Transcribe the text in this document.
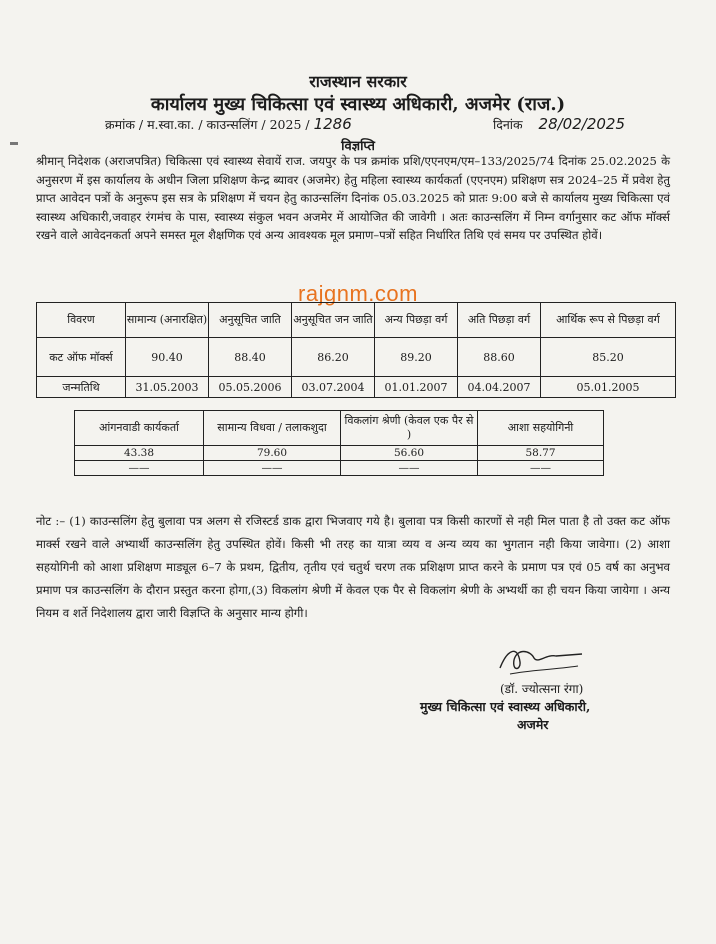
राजस्थान सरकार
कार्यालय मुख्य चिकित्सा एवं स्वास्थ्य अधिकारी, अजमेर (राज.)
क्रमांक / म.स्वा.का. / काउन्सलिंग / 2025 / 1286	दिनांक 28/02/2025
विज्ञप्ति
श्रीमान् निदेशक (अराजपत्रित) चिकित्सा एवं स्वास्थ्य सेवायें राज. जयपुर के पत्र क्रमांक प्रशि/एएनएम/एम–133/2025/74 दिनांक 25.02.2025 के अनुसरण में इस कार्यालय के अधीन जिला प्रशिक्षण केन्द्र ब्यावर (अजमेर) हेतु महिला स्वास्थ्य कार्यकर्ता (एएनएम) प्रशिक्षण सत्र 2024–25 में प्रवेश हेतु प्राप्त आवेदन पत्रों के अनुरूप इस सत्र के प्रशिक्षण में चयन हेतु काउन्सलिंग दिनांक 05.03.2025 को प्रातः 9:00 बजे से कार्यालय मुख्य चिकित्सा एवं स्वास्थ्य अधिकारी,जवाहर रंगमंच के पास, स्वास्थ्य संकुल भवन अजमेर में आयोजित की जावेगी । अतः काउन्सलिंग में निम्न वर्गानुसार कट ऑफ मॉर्क्स रखने वाले आवेदनकर्ता अपने समस्त मूल शैक्षणिक एवं अन्य आवश्यक मूल प्रमाण–पत्रों सहित निर्धारित तिथि एवं समय पर उपस्थित होवें।
rajgnm.com
विवरण	सामान्य (अनारक्षित)	अनुसूचित जाति	अनुसूचित जन जाति	अन्य पिछड़ा वर्ग	अति पिछड़ा वर्ग	आर्थिक रूप से पिछड़ा वर्ग
कट ऑफ मॉर्क्स	90.40	88.40	86.20	89.20	88.60	85.20
जन्मतिथि	31.05.2003	05.05.2006	03.07.2004	01.01.2007	04.04.2007	05.01.2005
आंगनवाडी कार्यकर्ता	सामान्य विधवा / तलाकशुदा	विकलांग श्रेणी (केवल एक पैर से )	आशा सहयोगिनी
43.38	79.60	56.60	58.77
——	——	——	——
नोट :– (1) काउन्सलिंग हेतु बुलावा पत्र अलग से रजिस्टर्ड डाक द्वारा भिजवाए गये है। बुलावा पत्र किसी कारणों से नही मिल पाता है तो उक्त कट ऑफ मार्क्स रखने वाले अभ्यार्थी काउन्सलिंग हेतु उपस्थित होवें। किसी भी तरह का यात्रा व्यय व अन्य व्यय का भुगतान नही किया जावेगा। (2) आशा सहयोगिनी को आशा प्रशिक्षण माड्यूल 6–7 के प्रथम, द्वितीय, तृतीय एवं चतुर्थ चरण तक प्रशिक्षण प्राप्त करने के प्रमाण पत्र एवं 05 वर्ष का अनुभव प्रमाण पत्र काउन्सलिंग के दौरान प्रस्तुत करना होगा,(3) विकलांग श्रेणी में केवल एक पैर से विकलांग श्रेणी के अभ्यर्थी का ही चयन किया जायेगा । अन्य नियम व शर्ते निदेशालय द्वारा जारी विज्ञप्ति के अनुसार मान्य होगी।
(डॉ. ज्योत्सना रंगा)
मुख्य चिकित्सा एवं स्वास्थ्य अधिकारी,
अजमेर
